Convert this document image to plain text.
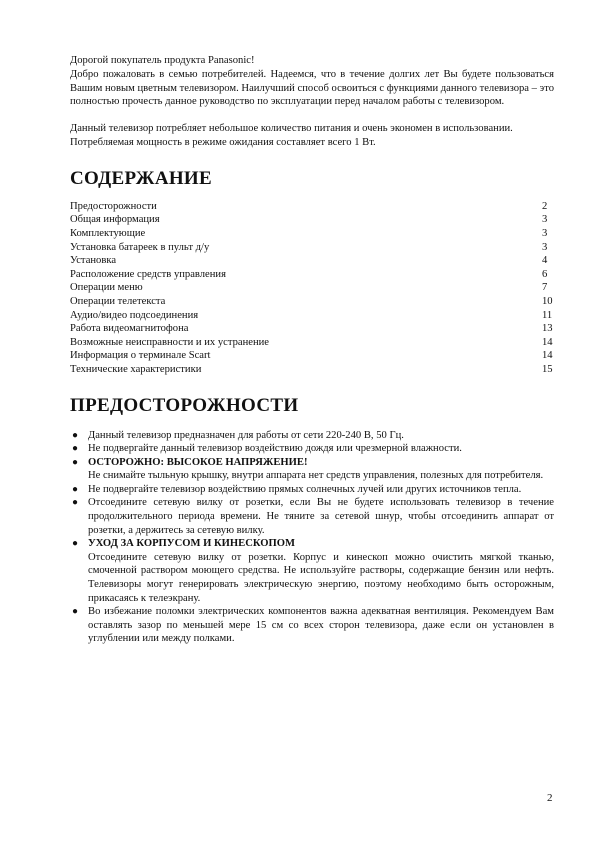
Дорогой покупатель продукта Panasonic!

Добро пожаловать в семью потребителей. Надеемся, что в течение долгих лет Вы будете пользоваться Вашим новым цветным телевизором. Наилучший способ освоиться с функциями данного телевизора – это полностью прочесть данное руководство по эксплуатации перед началом работы с телевизором.

Данный телевизор потребляет небольшое количество питания и очень экономен в использовании.

Потребляемая мощность в режиме ожидания составляет всего 1 Вт.

СОДЕРЖАНИЕ
Предосторожности	2
Общая информация	3
Комплектующие	3
Установка батареек в пульт д/у	3
Установка	4
Расположение средств управления	6
Операции меню	7
Операции телетекста	10
Аудио/видео подсоединения	11
Работа видеомагнитофона	13
Возможные неисправности и их устранение	14
Информация о терминале Scart	14
Технические характеристики	15
ПРЕДОСТОРОЖНОСТИ
● Данный телевизор предназначен для работы от сети 220-240 В, 50 Гц.
● Не подвергайте данный телевизор воздействию дождя или чрезмерной влажности.
● ОСТОРОЖНО: ВЫСОКОЕ НАПРЯЖЕНИЕ!
Не снимайте тыльную крышку, внутри аппарата нет средств управления, полезных для потребителя.
● Не подвергайте телевизор воздействию прямых солнечных лучей или других источников тепла.
● Отсоедините сетевую вилку от розетки, если Вы не будете использовать телевизор в течение продолжительного периода времени. Не тяните за сетевой шнур, чтобы отсоединить аппарат от розетки, а держитесь за сетевую вилку.
● УХОД ЗА КОРПУСОМ И КИНЕСКОПОМ
Отсоедините сетевую вилку от розетки. Корпус и кинескоп можно очистить мягкой тканью, смоченной раствором моющего средства. Не используйте растворы, содержащие бензин или нефть. Телевизоры могут генерировать электрическую энергию, поэтому необходимо быть осторожным, прикасаясь к телеэкрану.
● Во избежание поломки электрических компонентов важна адекватная вентиляция. Рекомендуем Вам оставлять зазор по меньшей мере 15 см со всех сторон телевизора, даже если он установлен в углублении или между полками.
2
